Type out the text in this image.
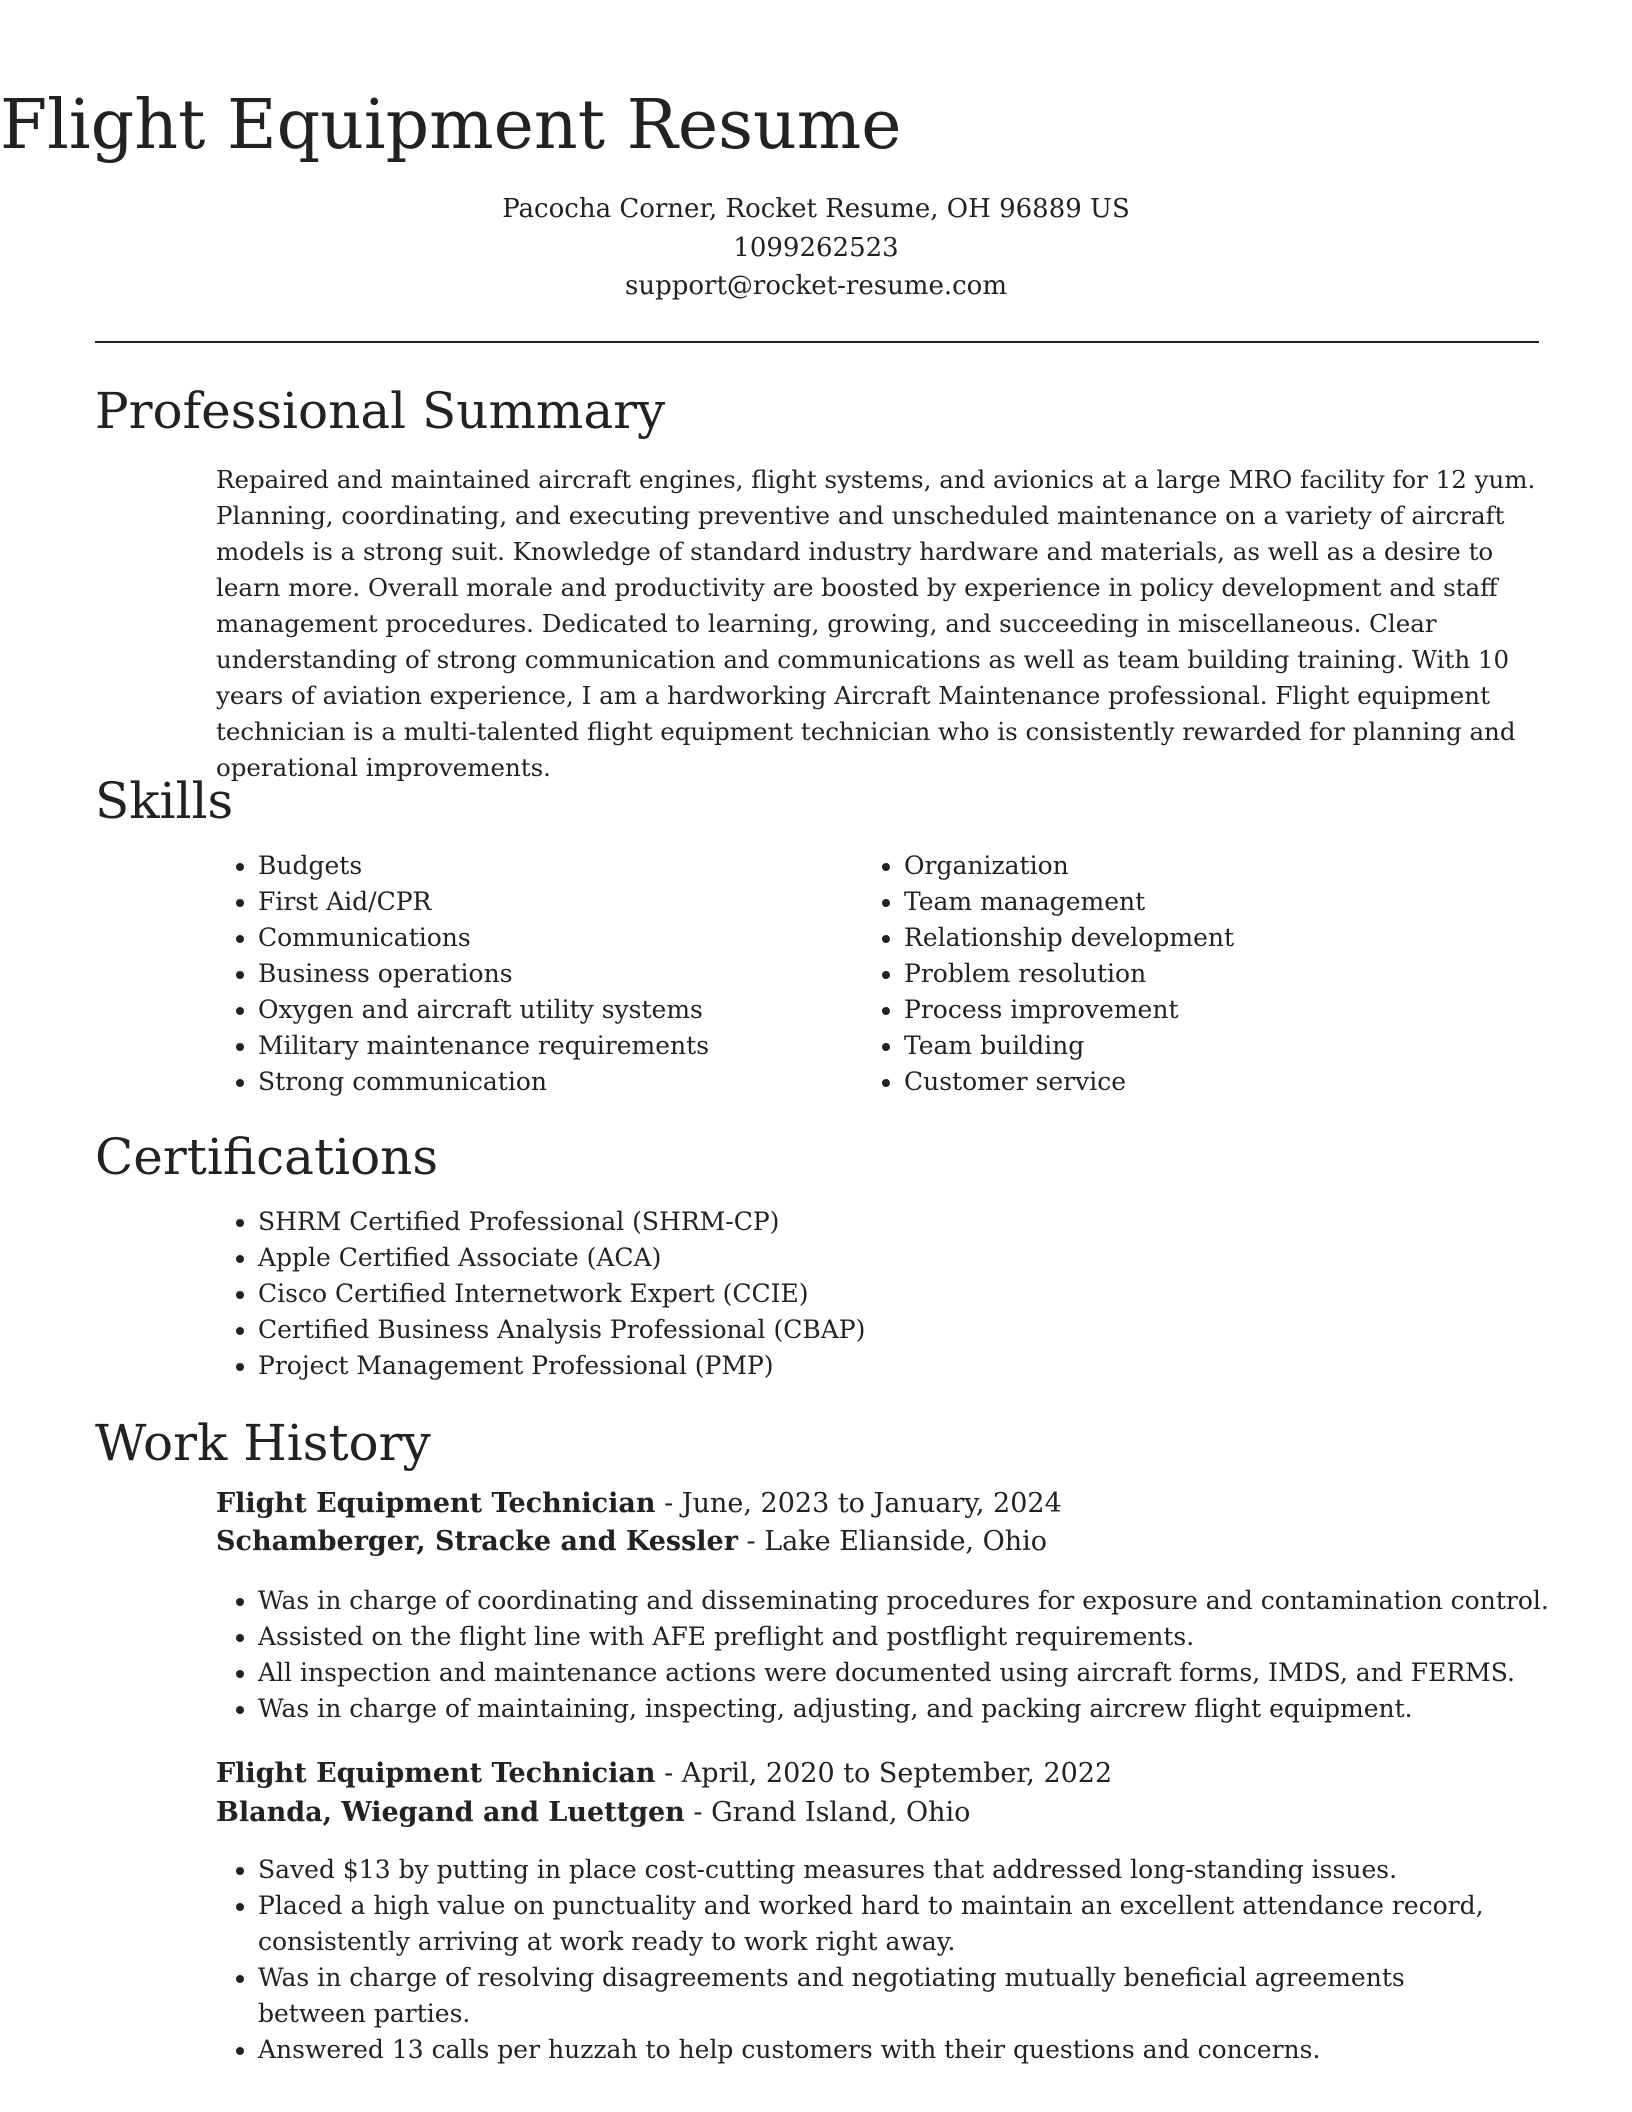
Flight Equipment Resume
Pacocha Corner, Rocket Resume, OH 96889 US
1099262523
support@rocket-resume.com
Professional Summary

Repaired and maintained aircraft engines, flight systems, and avionics at a large MRO facility for 12 yum. Planning, coordinating, and executing preventive and unscheduled maintenance on a variety of aircraft models is a strong suit. Knowledge of standard industry hardware and materials, as well as a desire to learn more. Overall morale and productivity are boosted by experience in policy development and staff management procedures. Dedicated to learning, growing, and succeeding in miscellaneous. Clear understanding of strong communication and communications as well as team building training. With 10 years of aviation experience, I am a hardworking Aircraft Maintenance professional. Flight equipment technician is a multi-talented flight equipment technician who is consistently rewarded for planning and operational improvements.

Skills
• Budgets
• First Aid/CPR
• Communications
• Business operations
• Oxygen and aircraft utility systems
• Military maintenance requirements
• Strong communication
• Organization
• Team management
• Relationship development
• Problem resolution
• Process improvement
• Team building
• Customer service
Certifications
• SHRM Certified Professional (SHRM-CP)
• Apple Certified Associate (ACA)
• Cisco Certified Internetwork Expert (CCIE)
• Certified Business Analysis Professional (CBAP)
• Project Management Professional (PMP)
Work History
Flight Equipment Technician - June, 2023 to January, 2024
Schamberger, Stracke and Kessler - Lake Elianside, Ohio
• Was in charge of coordinating and disseminating procedures for exposure and contamination control.
• Assisted on the flight line with AFE preflight and postflight requirements.
• All inspection and maintenance actions were documented using aircraft forms, IMDS, and FERMS.
• Was in charge of maintaining, inspecting, adjusting, and packing aircrew flight equipment.
Flight Equipment Technician - April, 2020 to September, 2022
Blanda, Wiegand and Luettgen - Grand Island, Ohio
• Saved $13 by putting in place cost-cutting measures that addressed long-standing issues.
• Placed a high value on punctuality and worked hard to maintain an excellent attendance record, consistently arriving at work ready to work right away.
• Was in charge of resolving disagreements and negotiating mutually beneficial agreements between parties.
• Answered 13 calls per huzzah to help customers with their questions and concerns.
